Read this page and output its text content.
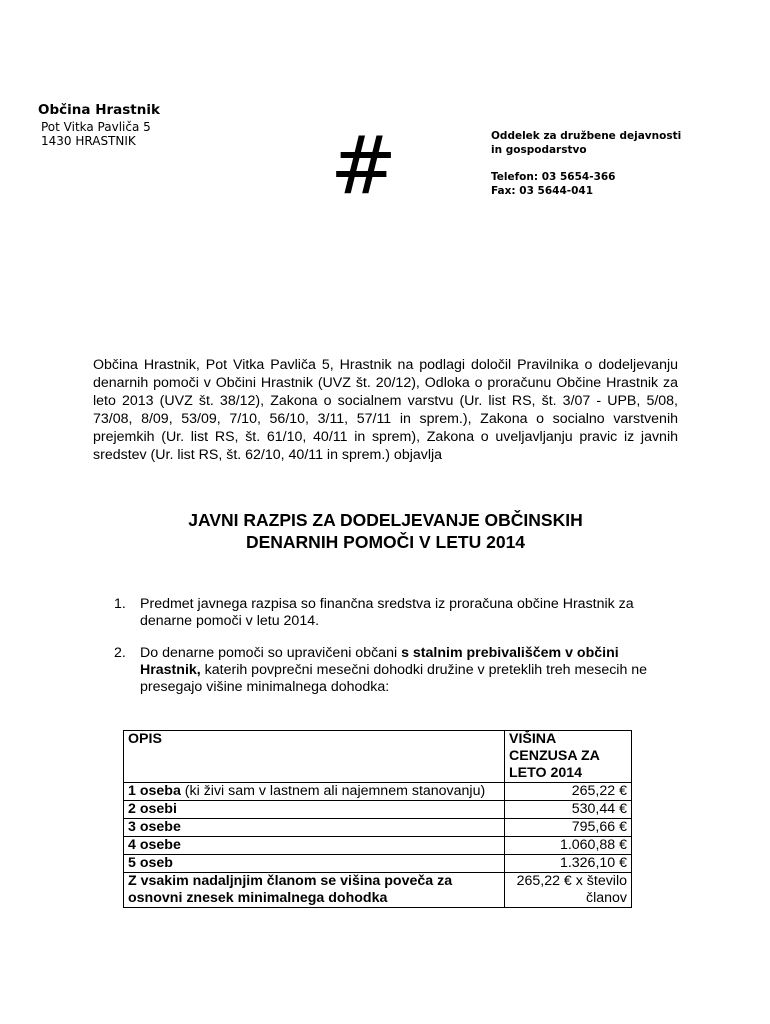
Občina Hrastnik
Pot Vitka Pavliča 5
1430 HRASTNIK #	Oddelek za družbene dejavnosti
in gospodarstvo
Telefon: 03 5654-366
Fax: 03 5644-041
Občina Hrastnik, Pot Vitka Pavliča 5, Hrastnik na podlagi določil Pravilnika o dodeljevanju denarnih pomoči v Občini Hrastnik (UVZ št. 20/12), Odloka o proračunu Občine Hrastnik za leto 2013 (UVZ št. 38/12), Zakona o socialnem varstvu (Ur. list RS, št. 3/07 - UPB, 5/08, 73/08, 8/09, 53/09, 7/10, 56/10, 3/11, 57/11 in sprem.), Zakona o socialno varstvenih prejemkih (Ur. list RS, št. 61/10, 40/11 in sprem), Zakona o uveljavljanju pravic iz javnih sredstev (Ur. list RS, št. 62/10, 40/11 in sprem.) objavlja
JAVNI RAZPIS ZA DODELJEVANJE OBČINSKIH
DENARNIH POMOČI V LETU 2014
1. Predmet javnega razpisa so finančna sredstva iz proračuna občine Hrastnik za denarne pomoči v letu 2014.
2. Do denarne pomoči so upravičeni občani s stalnim prebivališčem v občini Hrastnik, katerih povprečni mesečni dohodki družine v preteklih treh mesecih ne presegajo višine minimalnega dohodka:
OPIS	VIŠINA CENZUSA ZA LETO 2014
1 oseba (ki živi sam v lastnem ali najemnem stanovanju)	265,22 €
2 osebi	530,44 €
3 osebe	795,66 €
4 osebe	1.060,88 €
5 oseb	1.326,10 €
Z vsakim nadaljnjim članom se višina poveča za osnovni znesek minimalnega dohodka	265,22 € x število članov
